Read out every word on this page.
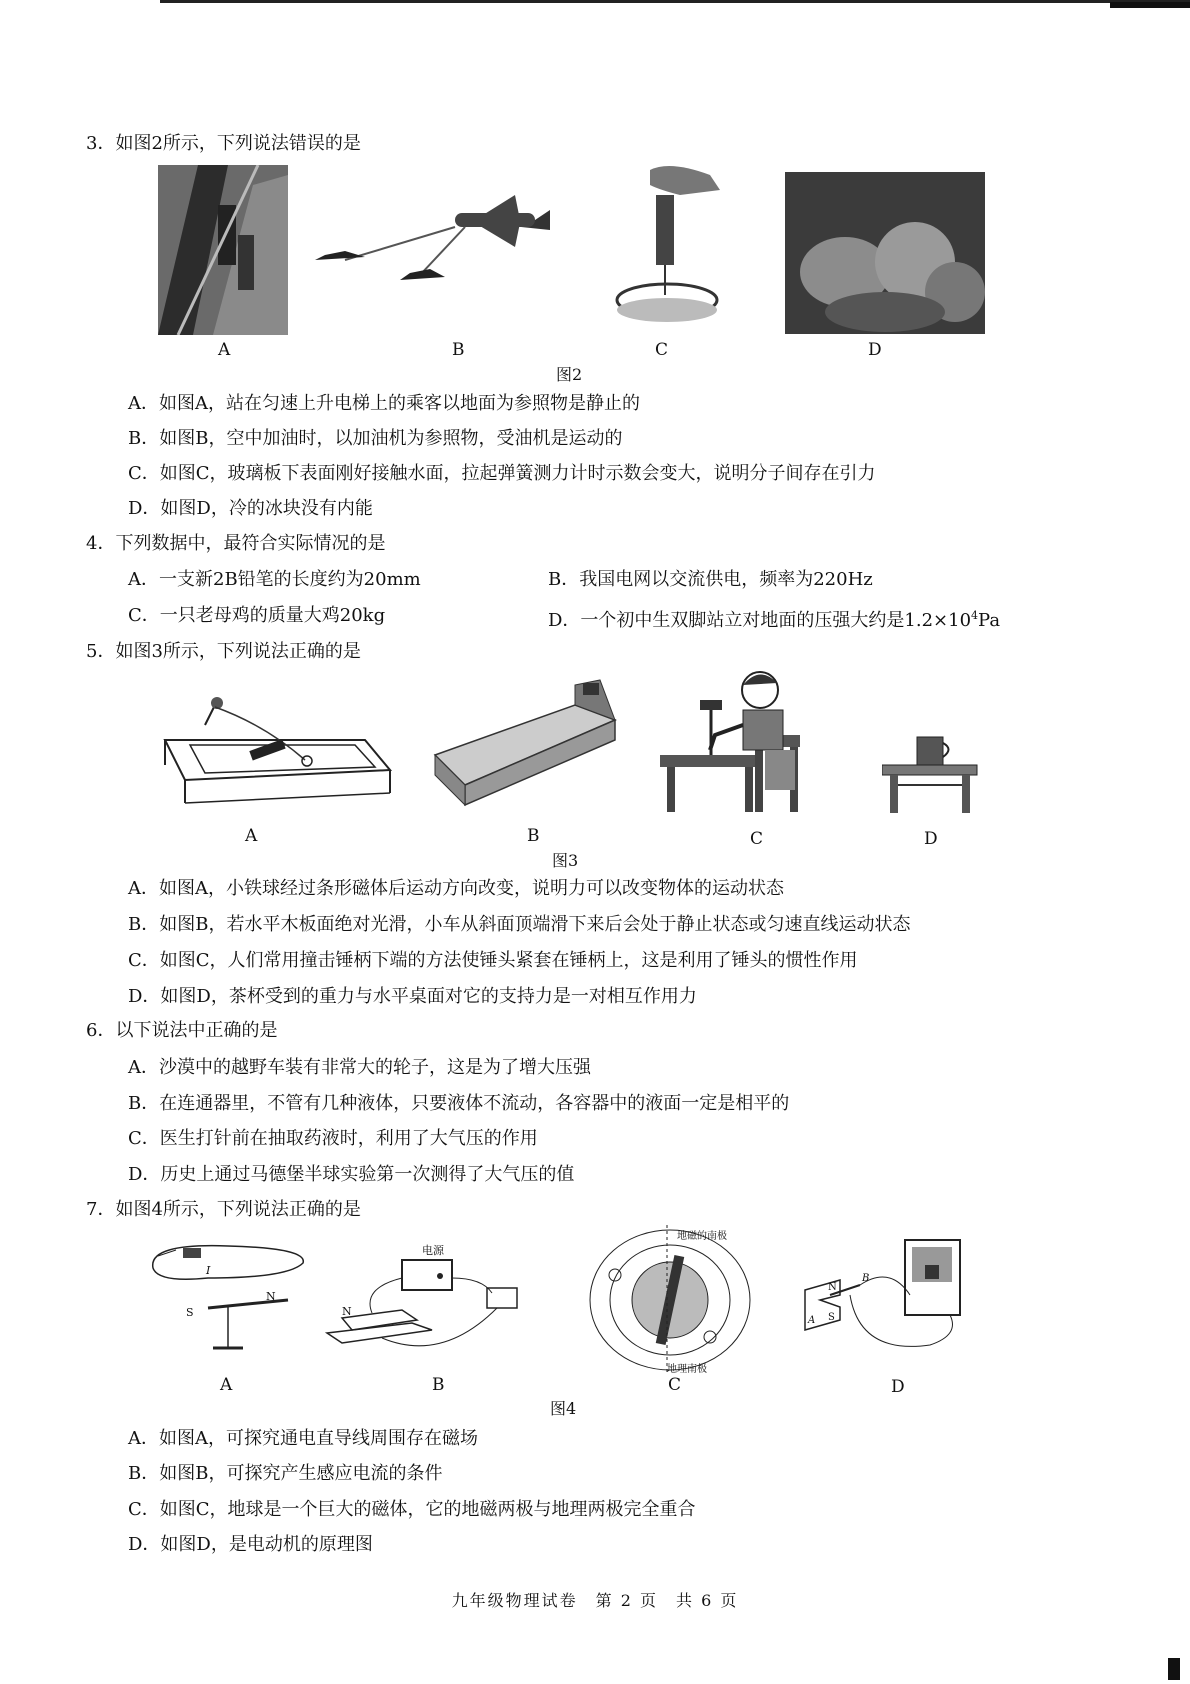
3．如图2所示，下列说法错误的是
A	B	C	D
图2
A．如图A，站在匀速上升电梯上的乘客以地面为参照物是静止的
B．如图B，空中加油时，以加油机为参照物，受油机是运动的
C．如图C，玻璃板下表面刚好接触水面，拉起弹簧测力计时示数会变大，说明分子间存在引力
D．如图D，冷的冰块没有内能
4．下列数据中，最符合实际情况的是
A．一支新2B铅笔的长度约为20mm	B．我国电网以交流供电，频率为220Hz
C．一只老母鸡的质量大鸡20kg	D．一个初中生双脚站立对地面的压强大约是$1.2\times 10^4Pa$
5．如图3所示，下列说法正确的是
A	B	C	D
图3
A．如图A，小铁球经过条形磁体后运动方向改变，说明力可以改变物体的运动状态
B．如图B，若水平木板面绝对光滑，小车从斜面顶端滑下来后会处于静止状态或匀速直线运动状态
C．如图C，人们常用撞击锤柄下端的方法使锤头紧套在锤柄上，这是利用了锤头的惯性作用
D．如图D，茶杯受到的重力与水平桌面对它的支持力是一对相互作用力
6．以下说法中正确的是
A．沙漠中的越野车装有非常大的轮子，这是为了增大压强
B．在连通器里，不管有几种液体，只要液体不流动，各容器中的液面一定是相平的
C．医生打针前在抽取药液时，利用了大气压的作用
D．历史上通过马德堡半球实验第一次测得了大气压的值
7．如图4所示，下列说法正确的是
S
N
I
电源
N
地磁的南极
地理南极
N
S
A
B
A	B	C	D
图4
A．如图A，可探究通电直导线周围存在磁场
B．如图B，可探究产生感应电流的条件
C．如图C，地球是一个巨大的磁体，它的地磁两极与地理两极完全重合
D．如图D，是电动机的原理图
九年级物理试卷　第 2 页　共 6 页
